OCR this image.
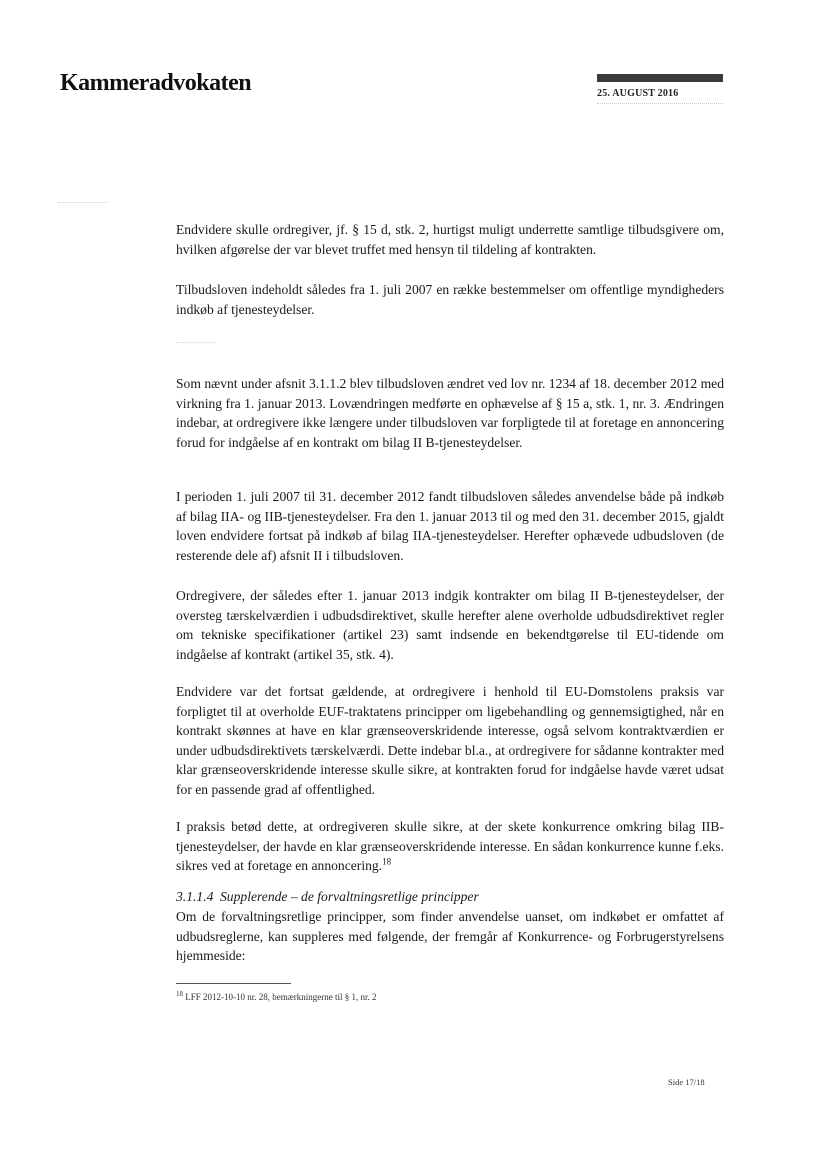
Kammeradvokaten	25. AUGUST 2016

Endvidere skulle ordregiver, jf. § 15 d, stk. 2, hurtigst muligt underrette samtlige tilbudsgivere om, hvilken afgørelse der var blevet truffet med hensyn til tildeling af kontrakten.

Tilbudsloven indeholdt således fra 1. juli 2007 en række bestemmelser om offentlige myndigheders indkøb af tjenesteydelser.

Som nævnt under afsnit 3.1.1.2 blev tilbudsloven ændret ved lov nr. 1234 af 18. december 2012 med virkning fra 1. januar 2013. Lovændringen medførte en ophævelse af § 15 a, stk. 1, nr. 3. Ændringen indebar, at ordregivere ikke længere under tilbudsloven var forpligtede til at foretage en annoncering forud for indgåelse af en kontrakt om bilag II B-tjenesteydelser.

I perioden 1. juli 2007 til 31. december 2012 fandt tilbudsloven således anvendelse både på indkøb af bilag IIA- og IIB-tjenesteydelser. Fra den 1. januar 2013 til og med den 31. december 2015, gjaldt loven endvidere fortsat på indkøb af bilag IIA-tjenesteydelser. Herefter ophævede udbudsloven (de resterende dele af) afsnit II i tilbudsloven.

Ordregivere, der således efter 1. januar 2013 indgik kontrakter om bilag II B-tjenesteydelser, der oversteg tærskelværdien i udbudsdirektivet, skulle herefter alene overholde udbudsdirektivet regler om tekniske specifikationer (artikel 23) samt indsende en bekendtgørelse til EU-tidende om indgåelse af kontrakt (artikel 35, stk. 4).

Endvidere var det fortsat gældende, at ordregivere i henhold til EU-Domstolens praksis var forpligtet til at overholde EUF-traktatens principper om ligebehandling og gennemsigtighed, når en kontrakt skønnes at have en klar grænseoverskridende interesse, også selvom kontraktværdien er under udbudsdirektivets tærskelværdi. Dette indebar bl.a., at ordregivere for sådanne kontrakter med klar grænseoverskridende interesse skulle sikre, at kontrakten forud for indgåelse havde været udsat for en passende grad af offentlighed.

I praksis betød dette, at ordregiveren skulle sikre, at der skete konkurrence omkring bilag IIB-tjenesteydelser, der havde en klar grænseoverskridende interesse. En sådan konkurrence kunne f.eks. sikres ved at foretage en annoncering.$^{18}$

3.1.1.4 Supplerende – de forvaltningsretlige principper

Om de forvaltningsretlige principper, som finder anvendelse uanset, om indkøbet er omfattet af udbudsreglerne, kan suppleres med følgende, der fremgår af Konkurrence- og Forbrugerstyrelsens hjemmeside:

$^{18}$ LFF 2012-10-10 nr. 28, bemærkningerne til § 1, nr. 2
Side 17/18
